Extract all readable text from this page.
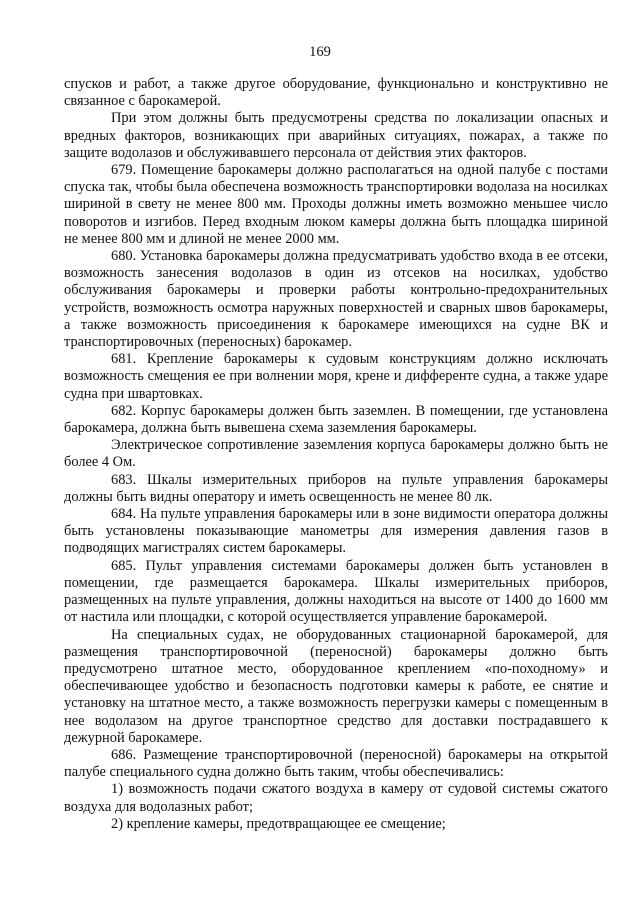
169

спусков и работ, а также другое оборудование, функционально и конструктивно не связанное с барокамерой.

При этом должны быть предусмотрены средства по локализации опасных и вредных факторов, возникающих при аварийных ситуациях, пожарах, а также по защите водолазов и обслуживавшего персонала от действия этих факторов.

679. Помещение барокамеры должно располагаться на одной палубе с постами спуска так, чтобы была обеспечена возможность транспортировки водолаза на носилках шириной в свету не менее 800 мм. Проходы должны иметь возможно меньшее число поворотов и изгибов. Перед входным люком камеры должна быть площадка шириной не менее 800 мм и длиной не менее 2000 мм.

680. Установка барокамеры должна предусматривать удобство входа в ее отсеки, возможность занесения водолазов в один из отсеков на носилках, удобство обслуживания барокамеры и проверки работы контрольно-предохранительных устройств, возможность осмотра наружных поверхностей и сварных швов барокамеры, а также возможность присоединения к барокамере имеющихся на судне ВК и транспортировочных (переносных) барокамер.

681. Крепление барокамеры к судовым конструкциям должно исключать возможность смещения ее при волнении моря, крене и дифференте судна, а также ударе судна при швартовках.

682. Корпус барокамеры должен быть заземлен. В помещении, где установлена барокамера, должна быть вывешена схема заземления барокамеры.

Электрическое сопротивление заземления корпуса барокамеры должно быть не более 4 Ом.

683. Шкалы измерительных приборов на пульте управления барокамеры должны быть видны оператору и иметь освещенность не менее 80 лк.

684. На пульте управления барокамеры или в зоне видимости оператора должны быть установлены показывающие манометры для измерения давления газов в подводящих магистралях систем барокамеры.

685. Пульт управления системами барокамеры должен быть установлен в помещении, где размещается барокамера. Шкалы измерительных приборов, размещенных на пульте управления, должны находиться на высоте от 1400 до 1600 мм от настила или площадки, с которой осуществляется управление барокамерой.

На специальных судах, не оборудованных стационарной барокамерой, для размещения транспортировочной (переносной) барокамеры должно быть предусмотрено штатное место, оборудованное креплением «по-походному» и обеспечивающее удобство и безопасность подготовки камеры к работе, ее снятие и установку на штатное место, а также возможность перегрузки камеры с помещенным в нее водолазом на другое транспортное средство для доставки пострадавшего к дежурной барокамере.

686. Размещение транспортировочной (переносной) барокамеры на открытой палубе специального судна должно быть таким, чтобы обеспечивались:

1) возможность подачи сжатого воздуха в камеру от судовой системы сжатого воздуха для водолазных работ;

2) крепление камеры, предотвращающее ее смещение;
